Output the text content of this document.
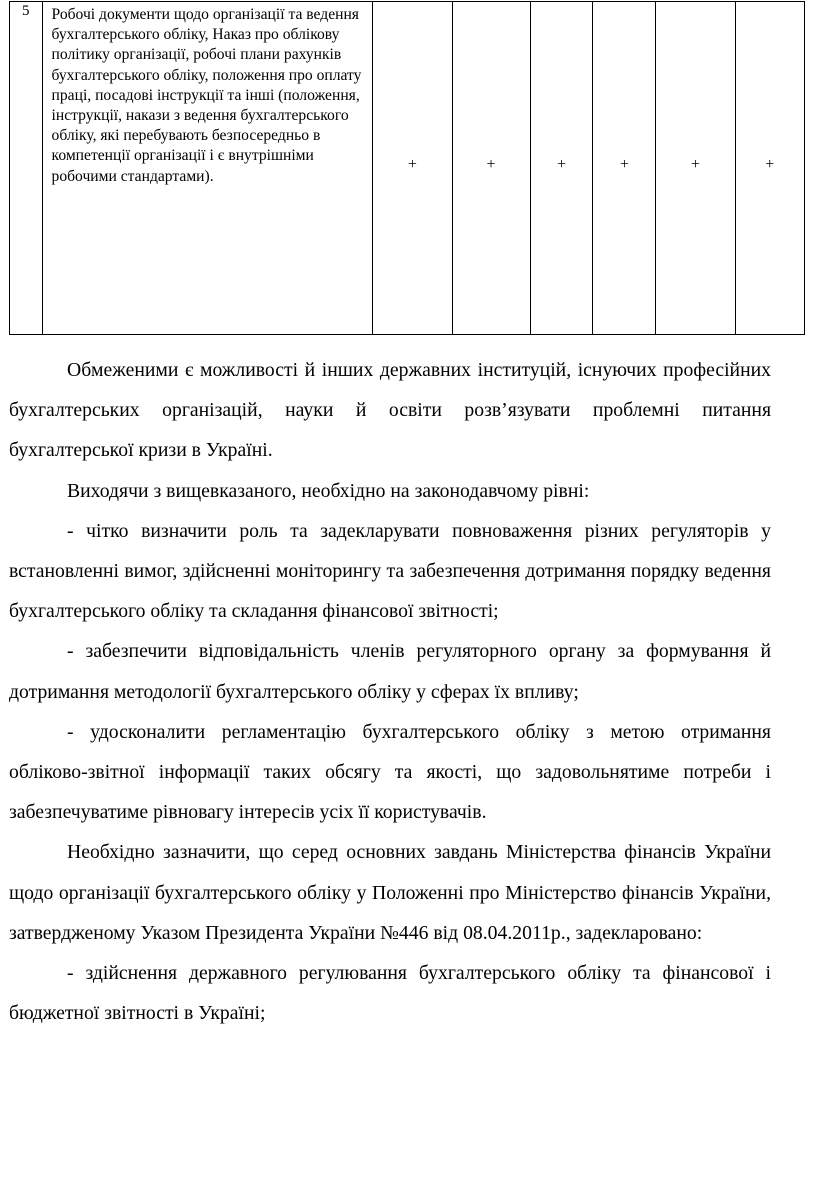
5	Робочі документи щодо організації та ведення бухгалтерського обліку, Наказ про облікову політику організації, робочі плани рахунків бухгалтерського обліку, положення про оплату праці, посадові інструкції та інші (положення, інструкції, накази з ведення бухгалтерського обліку, які перебувають безпосередньо в компетенції організації і є внутрішніми робочими стандартами).	+	+	+	+	+	+

Обмеженими є можливості й інших державних інституцій, існуючих професійних бухгалтерських організацій, науки й освіти розв’язувати проблемні питання бухгалтерської кризи в Україні.

Виходячи з вищевказаного, необхідно на законодавчому рівні:

- чітко визначити роль та задекларувати повноваження різних регуляторів у встановленні вимог, здійсненні моніторингу та забезпечення дотримання порядку ведення бухгалтерського обліку та складання фінансової звітності;

- забезпечити відповідальність членів регуляторного органу за формування й дотримання методології бухгалтерського обліку у сферах їх впливу;

- удосконалити регламентацію бухгалтерського обліку з метою отримання обліково-звітної інформації таких обсягу та якості, що задовольнятиме потреби і забезпечуватиме рівновагу інтересів усіх її користувачів.

Необхідно зазначити, що серед основних завдань Міністерства фінансів України щодо організації бухгалтерського обліку у Положенні про Міністерство фінансів України, затвердженому Указом Президента України №446 від 08.04.2011р., задекларовано:

- здійснення державного регулювання бухгалтерського обліку та фінансової і бюджетної звітності в Україні;
